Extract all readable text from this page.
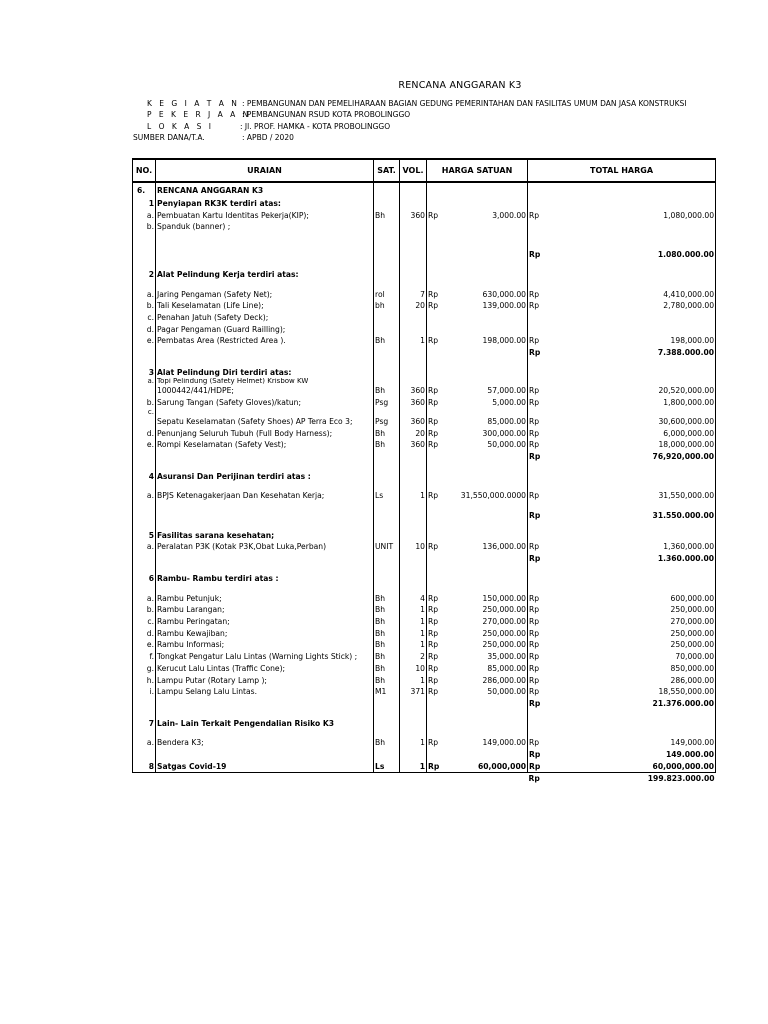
RENCANA ANGGARAN K3
K E G I A T A N : PEMBANGUNAN DAN PEMELIHARAAN BAGIAN GEDUNG PEMERINTAHAN DAN FASILITAS UMUM DAN JASA KONSTRUKSI
P E K E R J A A N
: PEMBANGUNAN RSUD KOTA PROBOLINGGO
L O K A S I	: Jl. PROF. HAMKA - KOTA PROBOLINGGO
SUMBER DANA/T.A.	: APBD / 2020
NO.	URAIAN	SAT.	VOL.	HARGA SATUAN		TOTAL HARGA	
6.	RENCANA ANGGARAN K3						
1	Penyiapan RK3K terdiri atas:						
a.	Pembuatan Kartu Identitas Pekerja(KIP);	Bh	360	Rp	3,000.00	Rp	1,080,000.00
b.	Spanduk (banner) ;						

						Rp	1.080.000.00

2	Alat Pelindung Kerja terdiri atas:						

a.	Jaring Pengaman (Safety Net);	rol	7	Rp	630,000.00	Rp	4,410,000.00
b.	Tali Keselamatan (Life Line);	bh	20	Rp	139,000.00	Rp	2,780,000.00
c.	Penahan Jatuh (Safety Deck);						
d.	Pagar Pengaman (Guard Railling);						
e.	Pembatas Area (Restricted Area ).	Bh	1	Rp	198,000.00	Rp	198,000.00
						Rp	7.388.000.00

3	Alat Pelindung Diri terdiri atas:						
a.	Topi Pelindung (Safety Helmet) Krisbow KW						
	1000442/441/HDPE;	Bh	360	Rp	57,000.00	Rp	20,520,000.00
b.	Sarung Tangan (Safety Gloves)/katun;	Psg	360	Rp	5,000.00	Rp	1,800,000.00
c.							
	Sepatu Keselamatan (Safety Shoes) AP Terra Eco 3;	Psg	360	Rp	85,000.00	Rp	30,600,000.00
d.	Penunjang Seluruh Tubuh (Full Body Harness);	Bh	20	Rp	300,000.00	Rp	6,000,000.00
e.	Rompi Keselamatan (Safety Vest);	Bh	360	Rp	50,000.00	Rp	18,000,000.00
						Rp	76,920,000.00

4	Asuransi Dan Perijinan terdiri atas :						

a.	BPJS Ketenagakerjaan Dan Kesehatan Kerja;	Ls	1	Rp	31,550,000.0000	Rp	31,550,000.00

						Rp	31.550.000.00

5	Fasilitas sarana kesehatan;						
a.	Peralatan P3K (Kotak P3K,Obat Luka,Perban)	UNIT	10	Rp	136,000.00	Rp	1,360,000.00
						Rp	1.360.000.00

6	Rambu- Rambu terdiri atas :						

a.	Rambu Petunjuk;	Bh	4	Rp	150,000.00	Rp	600,000.00
b.	Rambu Larangan;	Bh	1	Rp	250,000.00	Rp	250,000.00
c.	Rambu Peringatan;	Bh	1	Rp	270,000.00	Rp	270,000.00
d.	Rambu Kewajiban;	Bh	1	Rp	250,000.00	Rp	250,000.00
e.	Rambu Informasi;	Bh	1	Rp	250,000.00	Rp	250,000.00
f.	Tongkat Pengatur Lalu Lintas (Warning Lights Stick) ;	Bh	2	Rp	35,000.00	Rp	70,000.00
g.	Kerucut Lalu Lintas (Traffic Cone);	Bh	10	Rp	85,000.00	Rp	850,000.00
h.	Lampu Putar (Rotary Lamp );	Bh	1	Rp	286,000.00	Rp	286,000.00
i.	Lampu Selang Lalu Lintas.	M1	371	Rp	50,000.00	Rp	18,550,000.00
						Rp	21.376.000.00

7	Lain- Lain Terkait Pengendalian Risiko K3						

a.	Bendera K3;	Bh	1	Rp	149,000.00	Rp	149,000.00
						Rp	149.000.00
8	Satgas Covid-19	Ls	1	Rp	60,000,000	Rp	60,000,000.00
						Rp	199.823.000.00
